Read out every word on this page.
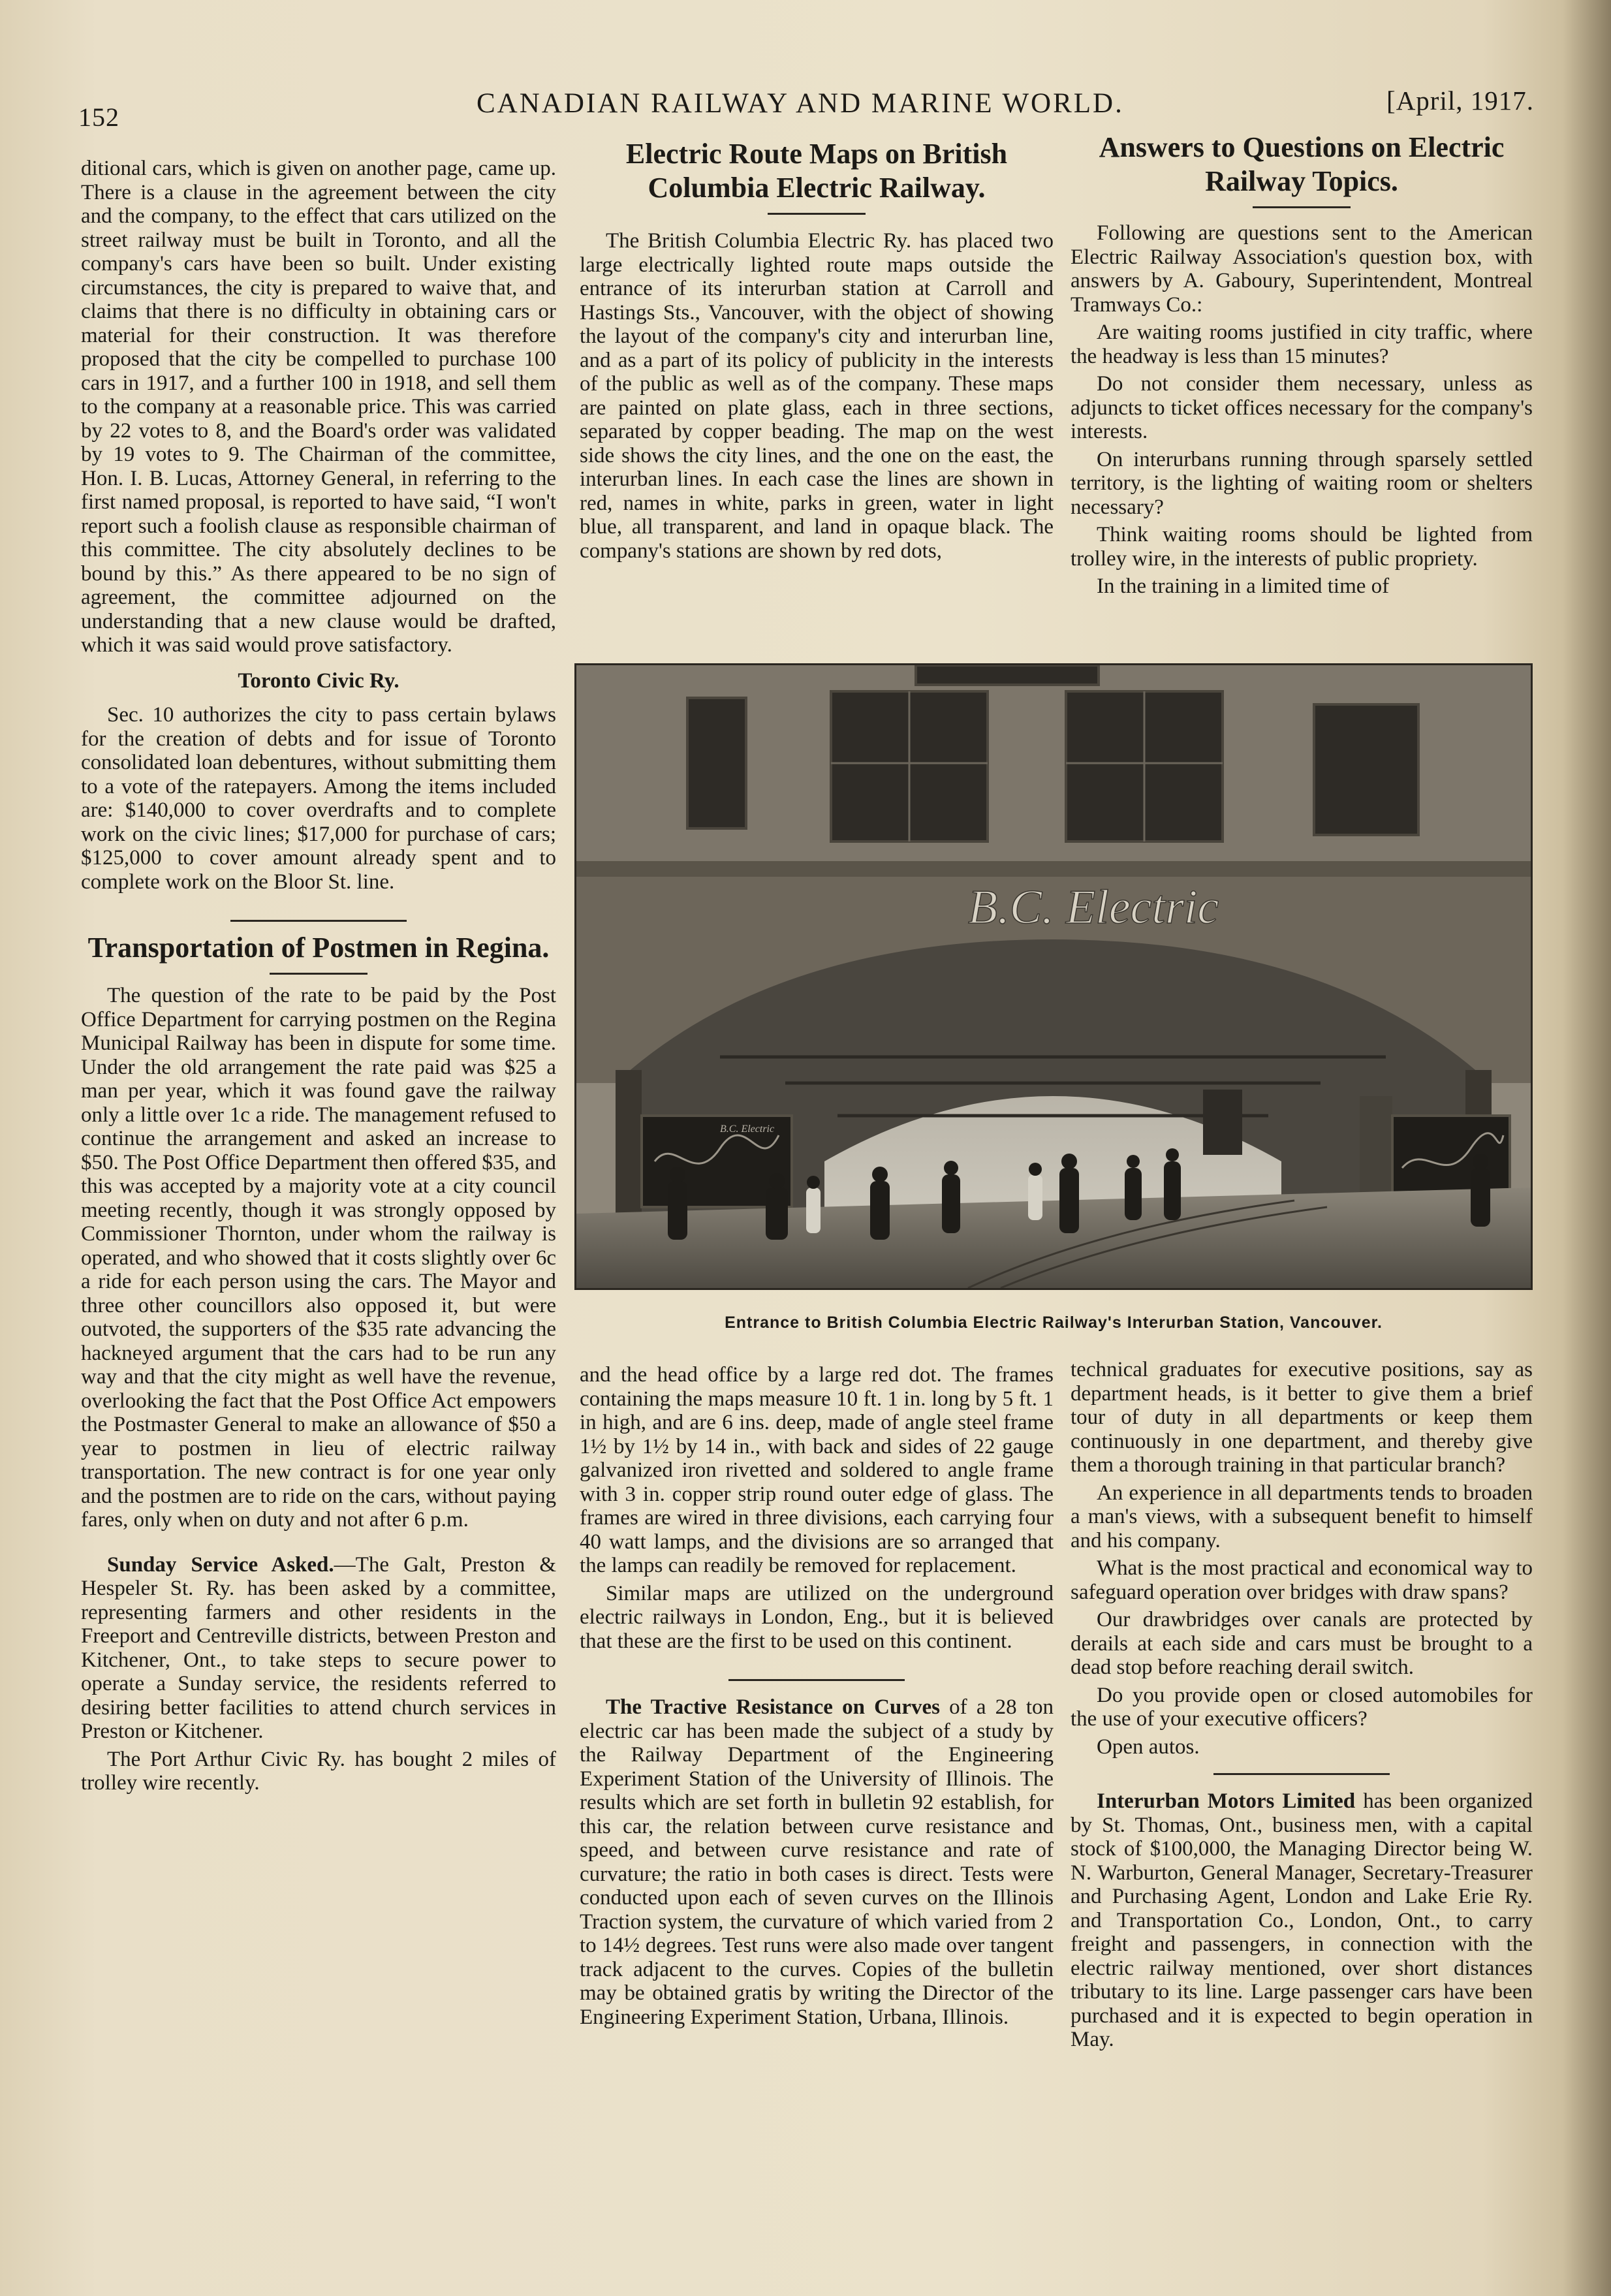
152	CANADIAN RAILWAY AND MARINE WORLD.	[April, 1917.

ditional cars, which is given on another page, came up. There is a clause in the agreement between the city and the company, to the effect that cars utilized on the street railway must be built in Toronto, and all the company's cars have been so built. Under existing circumstances, the city is prepared to waive that, and claims that there is no difficulty in obtaining cars or material for their construction. It was therefore proposed that the city be compelled to purchase 100 cars in 1917, and a further 100 in 1918, and sell them to the company at a reasonable price. This was carried by 22 votes to 8, and the Board's order was validated by 19 votes to 9. The Chairman of the committee, Hon. I. B. Lucas, Attorney General, in referring to the first named proposal, is reported to have said, “I won't report such a foolish clause as responsible chairman of this committee. The city absolutely declines to be bound by this.” As there appeared to be no sign of agreement, the committee adjourned on the understanding that a new clause would be drafted, which it was said would prove satisfactory.

Toronto Civic Ry.

Sec. 10 authorizes the city to pass certain bylaws for the creation of debts and for issue of Toronto consolidated loan debentures, without submitting them to a vote of the ratepayers. Among the items included are: $140,000 to cover overdrafts and to complete work on the civic lines; $17,000 for purchase of cars; $125,000 to cover amount already spent and to complete work on the Bloor St. line.

Transportation of Postmen in Regina.

The question of the rate to be paid by the Post Office Department for carrying postmen on the Regina Municipal Railway has been in dispute for some time. Under the old arrangement the rate paid was $25 a man per year, which it was found gave the railway only a little over 1c a ride. The management refused to continue the arrangement and asked an increase to $50. The Post Office Department then offered $35, and this was accepted by a majority vote at a city council meeting recently, though it was strongly opposed by Commissioner Thornton, under whom the railway is operated, and who showed that it costs slightly over 6c a ride for each person using the cars. The Mayor and three other councillors also opposed it, but were outvoted, the supporters of the $35 rate advancing the hackneyed argument that the cars had to be run any way and that the city might as well have the revenue, overlooking the fact that the Post Office Act empowers the Postmaster General to make an allowance of $50 a year to postmen in lieu of electric railway transportation. The new contract is for one year only and the postmen are to ride on the cars, without paying fares, only when on duty and not after 6 p.m.

Sunday Service Asked.—The Galt, Preston & Hespeler St. Ry. has been asked by a committee, representing farmers and other residents in the Freeport and Centreville districts, between Preston and Kitchener, Ont., to take steps to secure power to operate a Sunday service, the residents referred to desiring better facilities to attend church services in Preston or Kitchener.

The Port Arthur Civic Ry. has bought 2 miles of trolley wire recently.

Electric Route Maps on British Columbia Electric Railway.

The British Columbia Electric Ry. has placed two large electrically lighted route maps outside the entrance of its interurban station at Carroll and Hastings Sts., Vancouver, with the object of showing the layout of the company's city and interurban line, and as a part of its policy of publicity in the interests of the public as well as of the company. These maps are painted on plate glass, each in three sections, separated by copper beading. The map on the west side shows the city lines, and the one on the east, the interurban lines. In each case the lines are shown in red, names in white, parks in green, water in light blue, all transparent, and land in opaque black. The company's stations are shown by red dots,

Answers to Questions on Electric Railway Topics.

Following are questions sent to the American Electric Railway Association's question box, with answers by A. Gaboury, Superintendent, Montreal Tramways Co.:

Are waiting rooms justified in city traffic, where the headway is less than 15 minutes?

Do not consider them necessary, unless as adjuncts to ticket offices necessary for the company's interests.

On interurbans running through sparsely settled territory, is the lighting of waiting room or shelters necessary?

Think waiting rooms should be lighted from trolley wire, in the interests of public propriety.

In the training in a limited time of

B.C. Electric
B.C. Electric
Entrance to British Columbia Electric Railway's Interurban Station, Vancouver.

and the head office by a large red dot. The frames containing the maps measure 10 ft. 1 in. long by 5 ft. 1 in high, and are 6 ins. deep, made of angle steel frame 1½ by 1½ by 14 in., with back and sides of 22 gauge galvanized iron rivetted and soldered to angle frame with 3 in. copper strip round outer edge of glass. The frames are wired in three divisions, each carrying four 40 watt lamps, and the divisions are so arranged that the lamps can readily be removed for replacement.

Similar maps are utilized on the underground electric railways in London, Eng., but it is believed that these are the first to be used on this continent.

The Tractive Resistance on Curves of a 28 ton electric car has been made the subject of a study by the Railway Department of the Engineering Experiment Station of the University of Illinois. The results which are set forth in bulletin 92 establish, for this car, the relation between curve resistance and speed, and between curve resistance and rate of curvature; the ratio in both cases is direct. Tests were conducted upon each of seven curves on the Illinois Traction system, the curvature of which varied from 2 to 14½ degrees. Test runs were also made over tangent track adjacent to the curves. Copies of the bulletin may be obtained gratis by writing the Director of the Engineering Experiment Station, Urbana, Illinois.

technical graduates for executive positions, say as department heads, is it better to give them a brief tour of duty in all departments or keep them continuously in one department, and thereby give them a thorough training in that particular branch?

An experience in all departments tends to broaden a man's views, with a subsequent benefit to himself and his company.

What is the most practical and economical way to safeguard operation over bridges with draw spans?

Our drawbridges over canals are protected by derails at each side and cars must be brought to a dead stop before reaching derail switch.

Do you provide open or closed automobiles for the use of your executive officers?

Open autos.

Interurban Motors Limited has been organized by St. Thomas, Ont., business men, with a capital stock of $100,000, the Managing Director being W. N. Warburton, General Manager, Secretary-Treasurer and Purchasing Agent, London and Lake Erie Ry. and Transportation Co., London, Ont., to carry freight and passengers, in connection with the electric railway mentioned, over short distances tributary to its line. Large passenger cars have been purchased and it is expected to begin operation in May.
